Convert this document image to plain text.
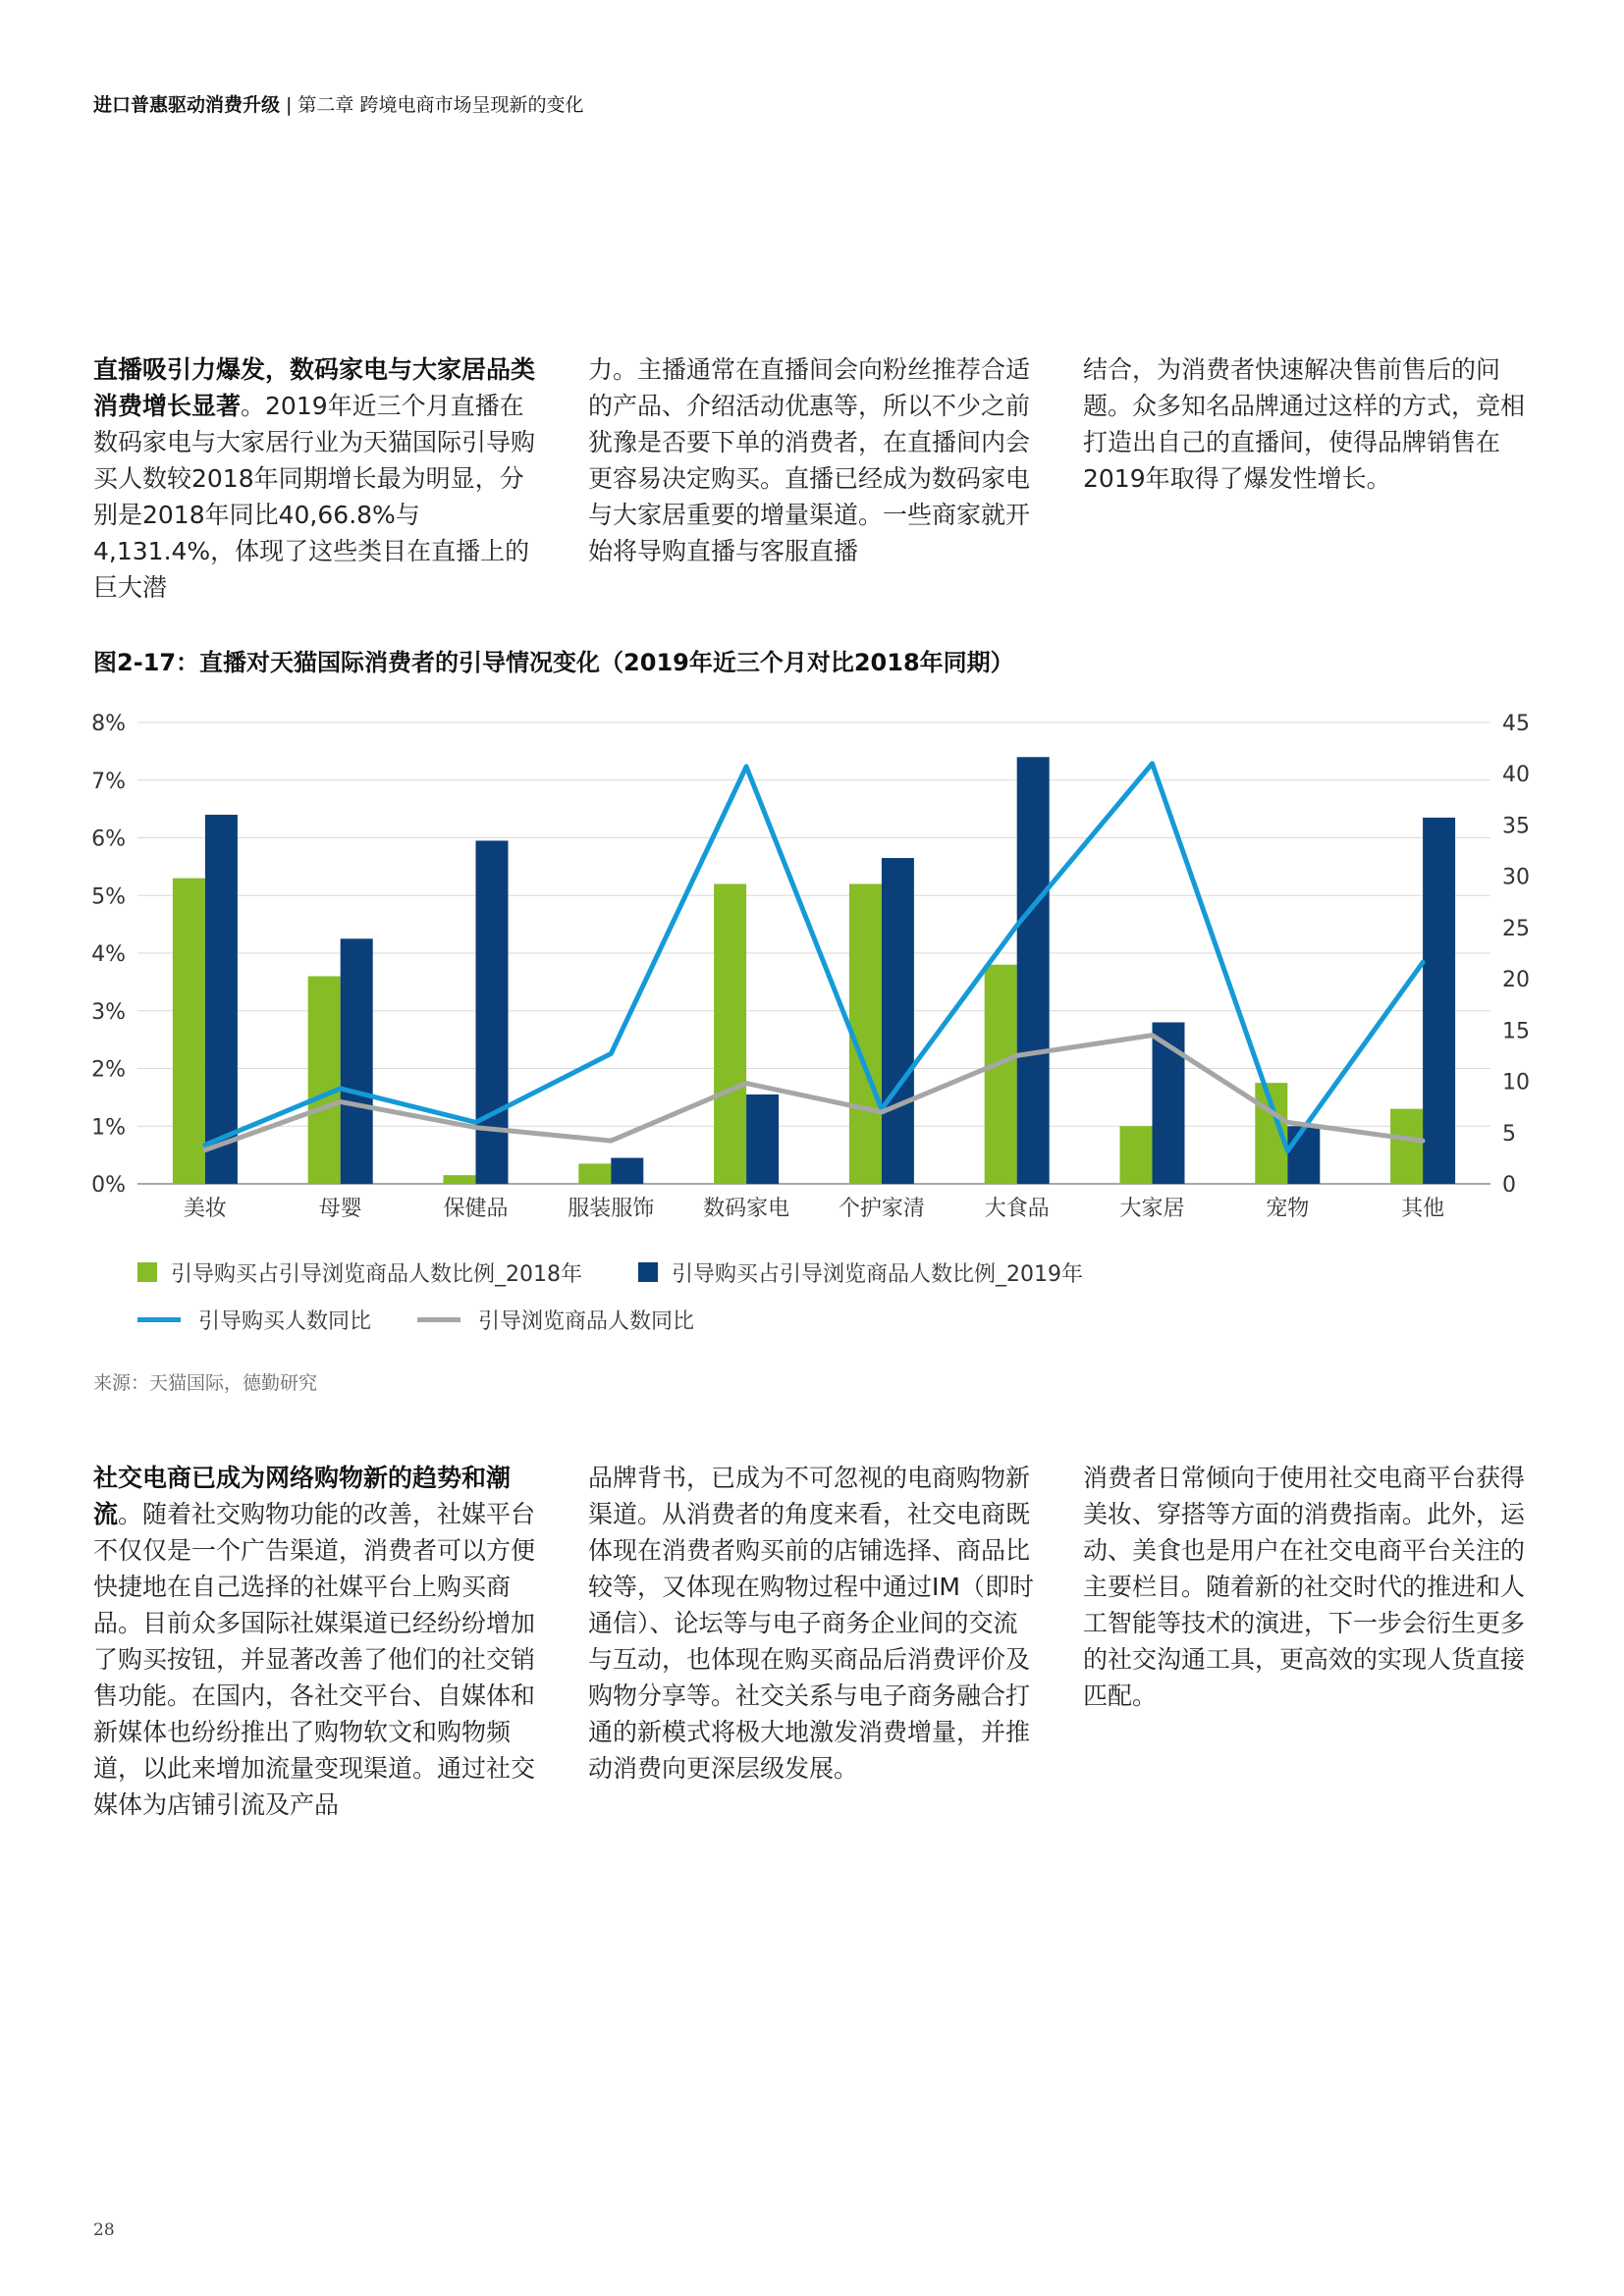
进口普惠驱动消费升级 | 第二章 跨境电商市场呈现新的变化
直播吸引力爆发，数码家电与大家居品类消费增长显著。2019年近三个月直播在数码家电与大家居行业为天猫国际引导购买人数较2018年同期增长最为明显，分别是2018年同比40,66.8%与4,131.4%，体现了这些类目在直播上的巨大潜
力。主播通常在直播间会向粉丝推荐合适的产品、介绍活动优惠等，所以不少之前犹豫是否要下单的消费者，在直播间内会更容易决定购买。直播已经成为数码家电与大家居重要的增量渠道。一些商家就开始将导购直播与客服直播
结合，为消费者快速解决售前售后的问题。众多知名品牌通过这样的方式，竞相打造出自己的直播间，使得品牌销售在2019年取得了爆发性增长。
图2-17：直播对天猫国际消费者的引导情况变化（2019年近三个月对比2018年同期）
0%
1%
2%
3%
4%
5%
6%
7%
8%
0
5
10
15
20
25
30
35
40
45
美妆	母婴	保健品	服装服饰 数码家电 个护家清	大食品	大家居	宠物	其他
引导购买占引导浏览商品人数比例_2018年	引导购买占引导浏览商品人数比例_2019年
引导购买人数同比	引导浏览商品人数同比
来源：天猫国际，德勤研究
社交电商已成为网络购物新的趋势和潮流。随着社交购物功能的改善，社媒平台不仅仅是一个广告渠道，消费者可以方便快捷地在自己选择的社媒平台上购买商品。目前众多国际社媒渠道已经纷纷增加了购买按钮，并显著改善了他们的社交销售功能。在国内，各社交平台、自媒体和新媒体也纷纷推出了购物软文和购物频道，以此来增加流量变现渠道。通过社交媒体为店铺引流及产品
品牌背书，已成为不可忽视的电商购物新渠道。从消费者的角度来看，社交电商既体现在消费者购买前的店铺选择、商品比较等，又体现在购物过程中通过IM（即时通信）、论坛等与电子商务企业间的交流与互动，也体现在购买商品后消费评价及购物分享等。社交关系与电子商务融合打通的新模式将极大地激发消费增量，并推动消费向更深层级发展。
消费者日常倾向于使用社交电商平台获得美妆、穿搭等方面的消费指南。此外，运动、美食也是用户在社交电商平台关注的主要栏目。随着新的社交时代的推进和人工智能等技术的演进，下一步会衍生更多的社交沟通工具，更高效的实现人货直接匹配。
28
